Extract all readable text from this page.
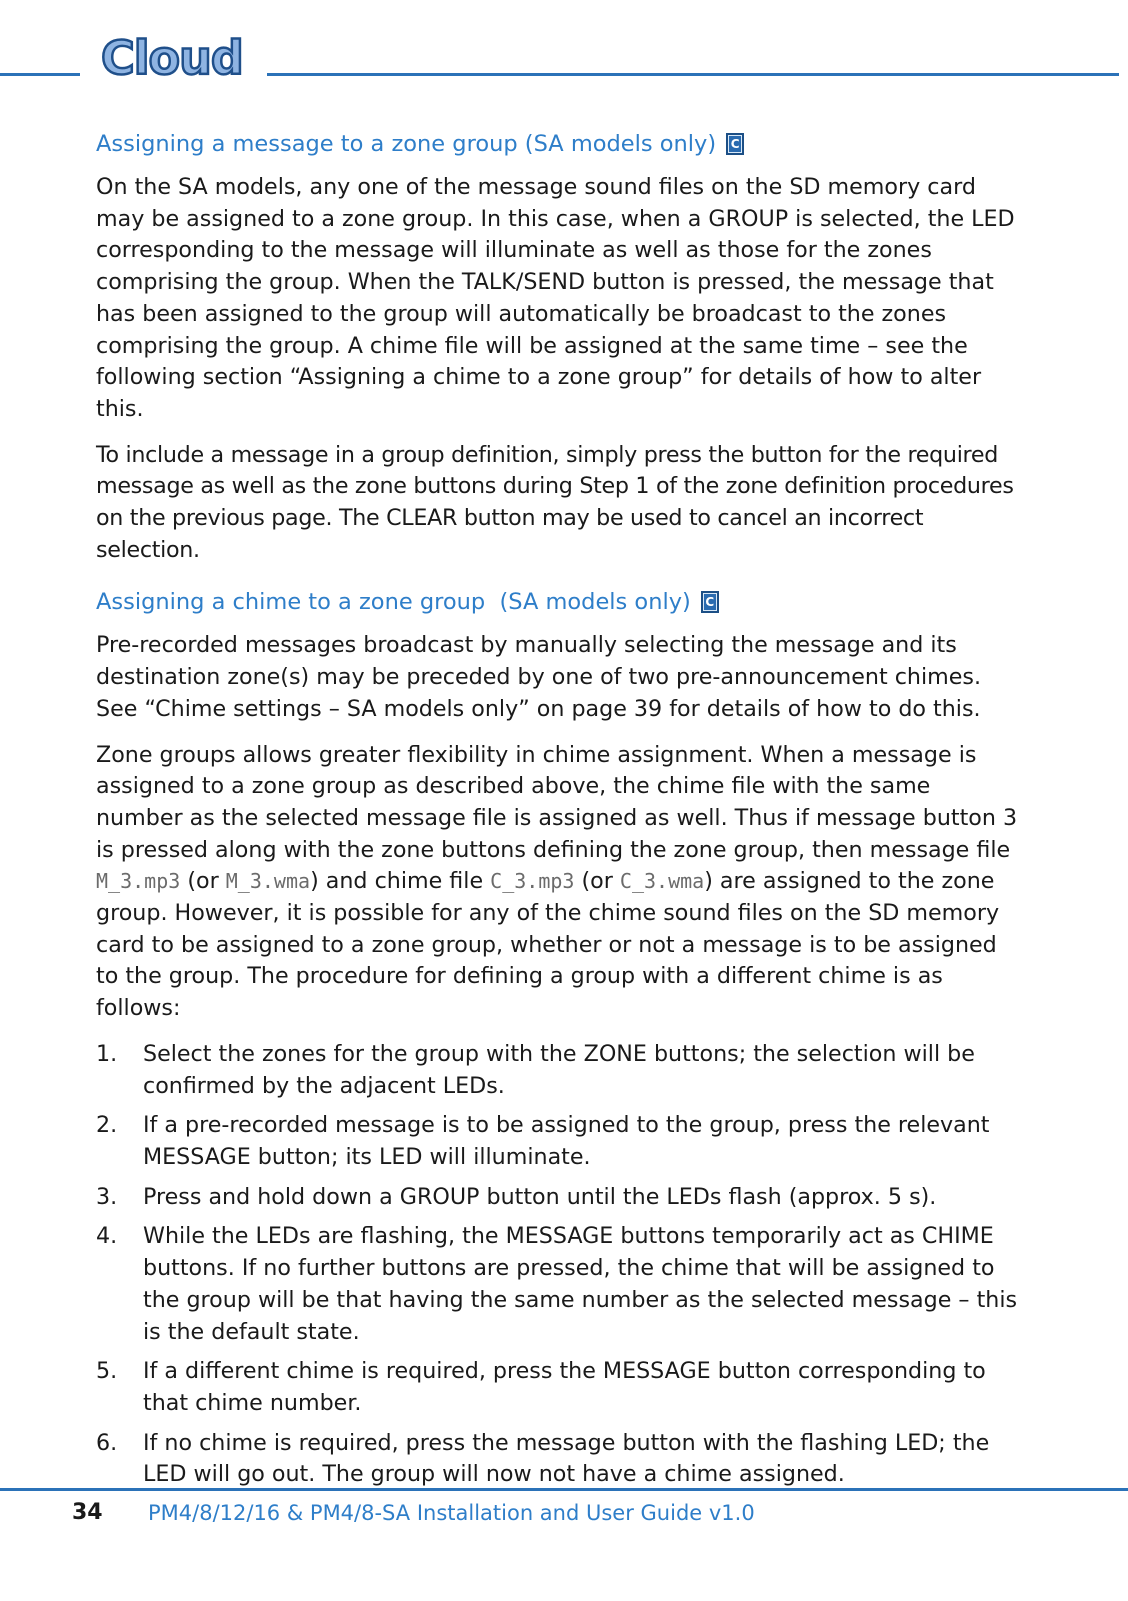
Cloud
Assigning a message to a zone group (SA models only) C

On the SA models, any one of the message sound files on the SD memory card may be assigned to a zone group. In this case, when a GROUP is selected, the LED corresponding to the message will illuminate as well as those for the zones comprising the group. When the TALK/SEND button is pressed, the message that has been assigned to the group will automatically be broadcast to the zones comprising the group. A chime file will be assigned at the same time – see the following section “Assigning a chime to a zone group” for details of how to alter this.

To include a message in a group definition, simply press the button for the required message as well as the zone buttons during Step 1 of the zone definition procedures on the previous page. The CLEAR button may be used to cancel an incorrect selection.

Assigning a chime to a zone group  (SA models only) C

Pre-recorded messages broadcast by manually selecting the message and its destination zone(s) may be preceded by one of two pre-announcement chimes. See “Chime settings – SA models only” on page 39 for details of how to do this.

Zone groups allows greater flexibility in chime assignment. When a message is assigned to a zone group as described above, the chime file with the same number as the selected message file is assigned as well. Thus if message button 3 is pressed along with the zone buttons defining the zone group, then message file M_3.mp3 (or M_3.wma) and chime file C_3.mp3 (or C_3.wma) are assigned to the zone group. However, it is possible for any of the chime sound files on the SD memory card to be assigned to a zone group, whether or not a message is to be assigned to the group. The procedure for defining a group with a different chime is as follows:

1.	Select the zones for the group with the ZONE buttons; the selection will be confirmed by the adjacent LEDs.
2.	If a pre-recorded message is to be assigned to the group, press the relevant MESSAGE button; its LED will illuminate.
3.	Press and hold down a GROUP button until the LEDs flash (approx. 5 s).
4.	While the LEDs are flashing, the MESSAGE buttons temporarily act as CHIME buttons. If no further buttons are pressed, the chime that will be assigned to the group will be that having the same number as the selected message – this is the default state.
5.	If a different chime is required, press the MESSAGE button corresponding to that chime number.
6.	If no chime is required, press the message button with the flashing LED; the LED will go out. The group will now not have a chime assigned.
34 PM4/8/12/16 & PM4/8-SA Installation and User Guide v1.0
